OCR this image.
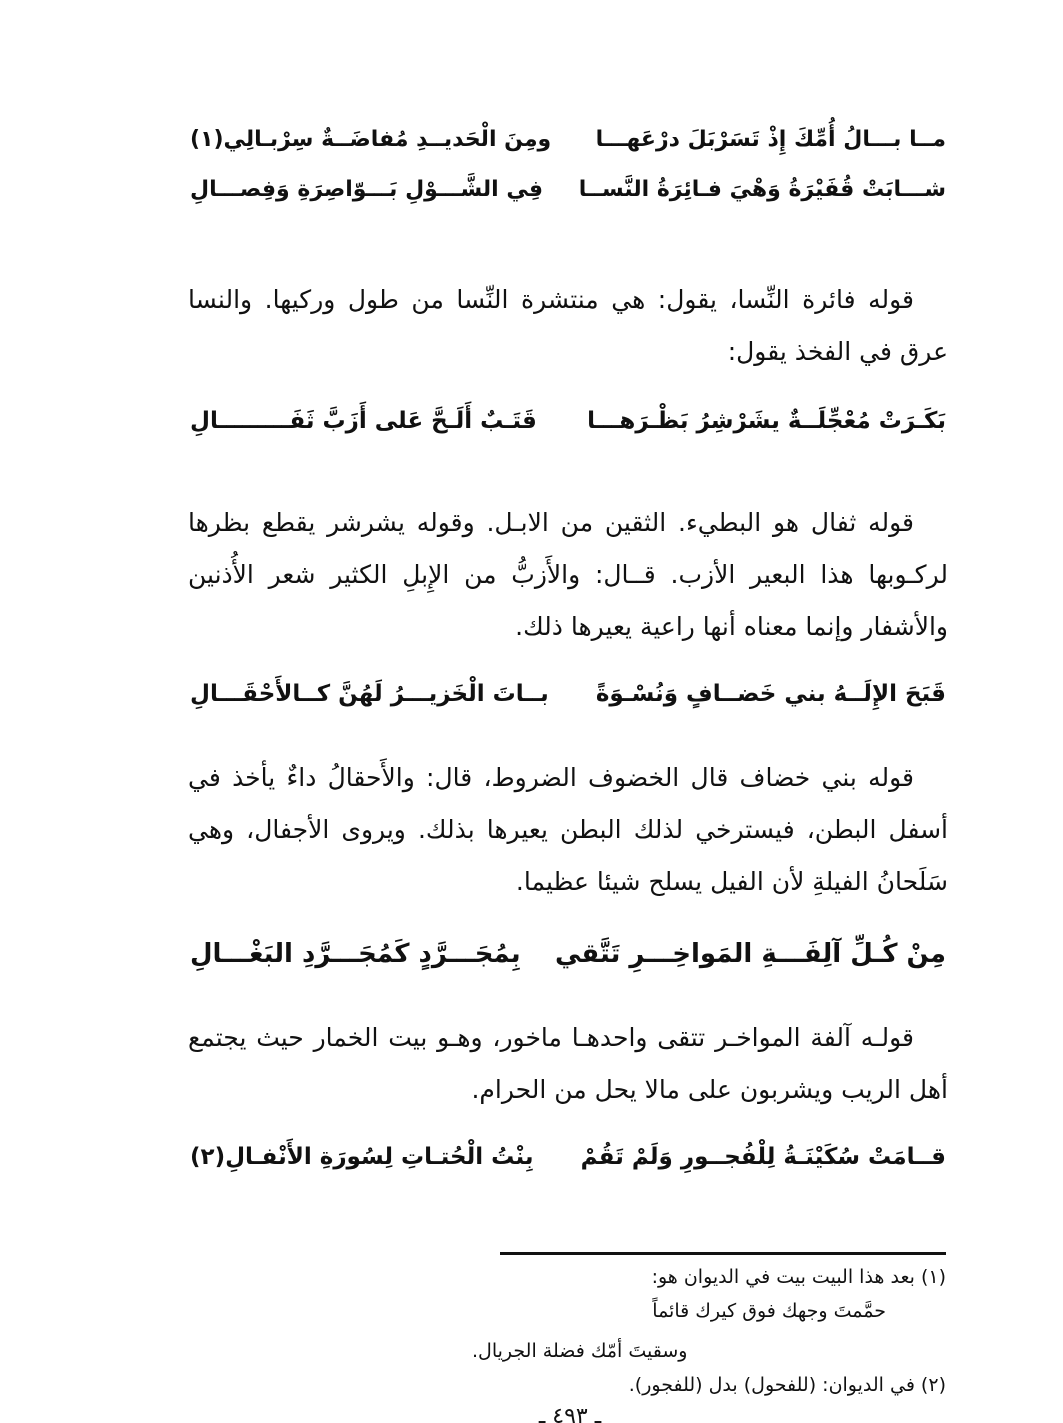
مــا بـــالُ أُمِّكَ إِذْ تَسَرْبَلَ درْعَهـــا
ومِنَ الْحَديــدِ مُفاضَــةٌ سِرْبـالِي(١)
شـــابَتْ قُفَيْرَةُ وَهْيَ فـائِرَةُ النَّســا
فِي الشَّـــوْلِ بَـــوّاصِرَةِ وَفِصـــالِ

قوله فائرة النِّسا، يقول: هي منتشرة النِّسا من طول وركيها. والنسا عرق في الفخذ يقول:

بَكَـرَتْ مُعْجِّلَــةٌ يشَرْشِرُ بَظْـرَهـــا
قَتَـبٌ أَلَـحَّ عَلى أَزَبَّ ثَفَـــــــــالِ

قوله ثفال هو البطيء. الثقين من الابـل. وقوله يشرشر يقطع بظرها لركـوبها هذا البعير الأزب. قــال: والأَزبُّ من الإِبلِ الكثير شعر الأُذنين والأشفار وإنما معناه أنها راعية يعيرها ذلك.

قَبَحَ الإِلَــهُ بني خَضــافٍ وَنُسْـوَةً
بــاتَ الْخَزيـــرُ لَهُنَّ كــالأَحْقَـــالِ

قوله بني خضاف قال الخضوف الضروط، قال: والأَحقالُ داءٌ يأخذ في أسفل البطن، فيسترخي لذلك البطن يعيرها بذلك. ويروى الأجفال، وهي سَلَحانُ الفيلةِ لأن الفيل يسلح شيئا عظيما.

مِنْ كُـلِّ آلِفَـــةِ المَواخِـــرِ تَتَّقي
بِمُجَـــرَّدٍ كَمُجَـــرَّدِ البَغْـــالِ

قولـه آلفة المواخـر تتقى واحدهـا ماخور، وهـو بيت الخمار حيث يجتمع أهل الريب ويشربون على مالا يحل من الحرام.

قــامَتْ سُكَيْنَـةُ لِلْفُجــورِ وَلَمْ تَقُمْ
بِنْتُ الْحُتـاتِ لِسُورَةِ الأَنْفـالِ(٢)
(١) بعد هذا البيت بيت في الديوان هو:
حمَّمتَ وجهك فوق كيرك قائماً
وسقيتَ أمّك فضلة الجريال.
(٢) في الديوان: (للفحول) بدل (للفجور).
ـ ٤٩٣ ـ
